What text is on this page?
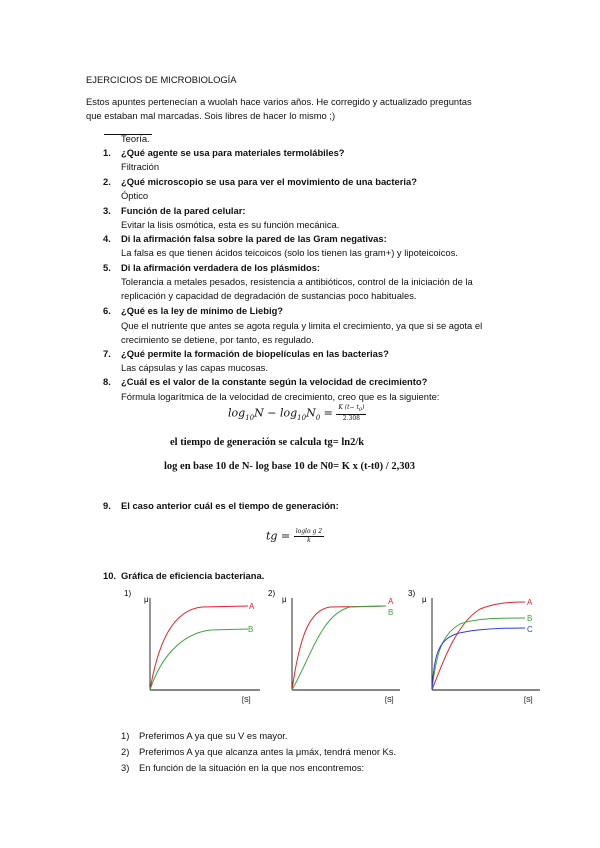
EJERCICIOS DE MICROBIOLOGÍA
Estos apuntes pertenecían a wuolah hace varios años. He corregido y actualizado preguntas
que estaban mal marcadas. Sois libres de hacer lo mismo ;)
Teoría.
1. ¿Qué agente se usa para materiales termolábiles?
Filtración
2. ¿Qué microscopio se usa para ver el movimiento de una bacteria?
Óptico
3. Función de la pared celular:
Evitar la lisis osmótica, esta es su función mecánica.
4. Di la afirmación falsa sobre la pared de las Gram negativas:
La falsa es que tienen ácidos teicoicos (solo los tienen las gram+) y lipoteicoicos.
5. Di la afirmación verdadera de los plásmidos:
Tolerancia a metales pesados, resistencia a antibióticos, control de la iniciación de la
replicación y capacidad de degradación de sustancias poco habituales.
6. ¿Qué es la ley de mínimo de Liebig?
Que el nutriente que antes se agota regula y limita el crecimiento, ya que si se agota el
crecimiento se detiene, por tanto, es regulado.
7. ¿Qué permite la formación de biopelículas en las bacterias?
Las cápsulas y las capas mucosas.
8. ¿Cuál es el valor de la constante según la velocidad de crecimiento?
Fórmula logarítmica de la velocidad de crecimiento, creo que es la siguiente:
$\log_{10}N - \log_{10}N_0 = \frac{K (t- t_0)}{2.308}$
el tiempo de generación se calcula tg= ln2/k
log en base 10 de N- log base 10 de N0= K x (t-t0) / 2,303
9. El caso anterior cuál es el tiempo de generación:
tg = $\frac{\text{loglo g 2}}{k}$
10. Gráfica de eficiencia bacteriana.
1)
μ
A
B
[S]
2)
μ	A
B
[S]
3)
μ	A
B
C
[S]
1) Preferimos A ya que su V es mayor.
2) Preferimos A ya que alcanza antes la μmáx, tendrá menor Ks.
3) En función de la situación en la que nos encontremos:
